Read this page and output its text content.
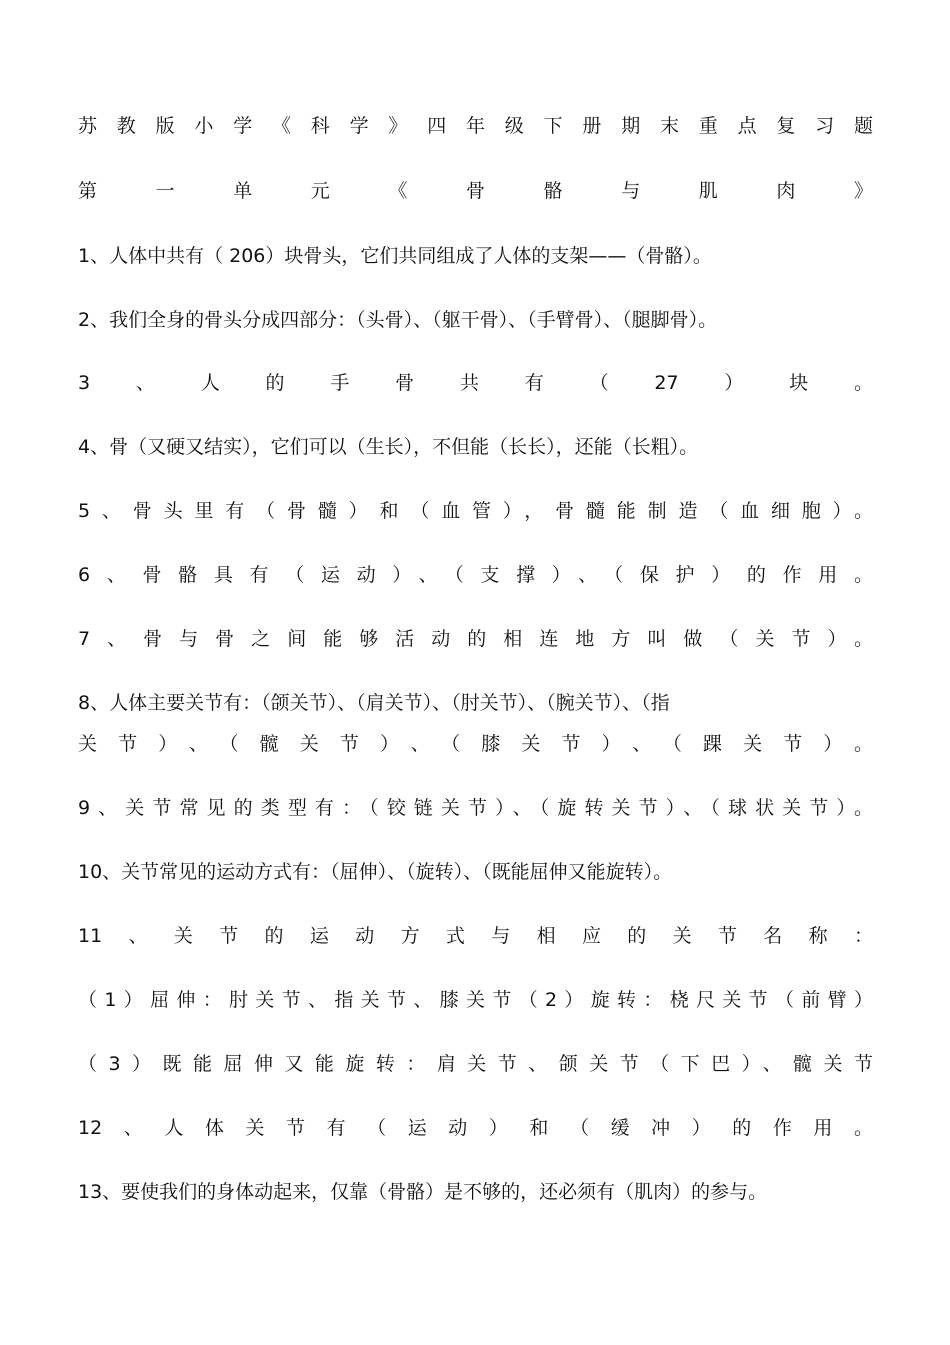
苏教版小学《科学》四年级下册期末重点复习题
第一单元《骨骼与肌肉》
1、人体中共有（ 206）块骨头，它们共同组成了人体的支架——（骨骼）。
2、我们全身的骨头分成四部分：（头骨）、（躯干骨）、（手臂骨）、（腿脚骨）。
3、人的手骨共有（27）块。
4、骨（又硬又结实），它们可以（生长），不但能（长长），还能（长粗）。
5、骨头里有（骨髓）和（血管），骨髓能制造（血细胞）。
6、骨骼具有（运动）、（支撑）、（保护）的作用。
7、骨与骨之间能够活动的相连地方叫做（关节）。
8、人体主要关节有：（颌关节）、（肩关节）、（肘关节）、（腕关节）、（指
关节）、（髋关节）、（膝关节）、（踝关节）。
9、关节常见的类型有：（铰链关节）、（旋转关节）、（球状关节）。
10、关节常见的运动方式有：（屈伸）、（旋转）、（既能屈伸又能旋转）。
11、关节的运动方式与相应的关节名称：
（1）屈伸：肘关节、指关节、膝关节（2）旋转：桡尺关节（前臂）
（3）既能屈伸又能旋转：肩关节、颌关节（下巴）、髋关节
12、人体关节有（运动）和（缓冲）的作用。
13、要使我们的身体动起来，仅靠（骨骼）是不够的，还必须有（肌肉）的参与。
